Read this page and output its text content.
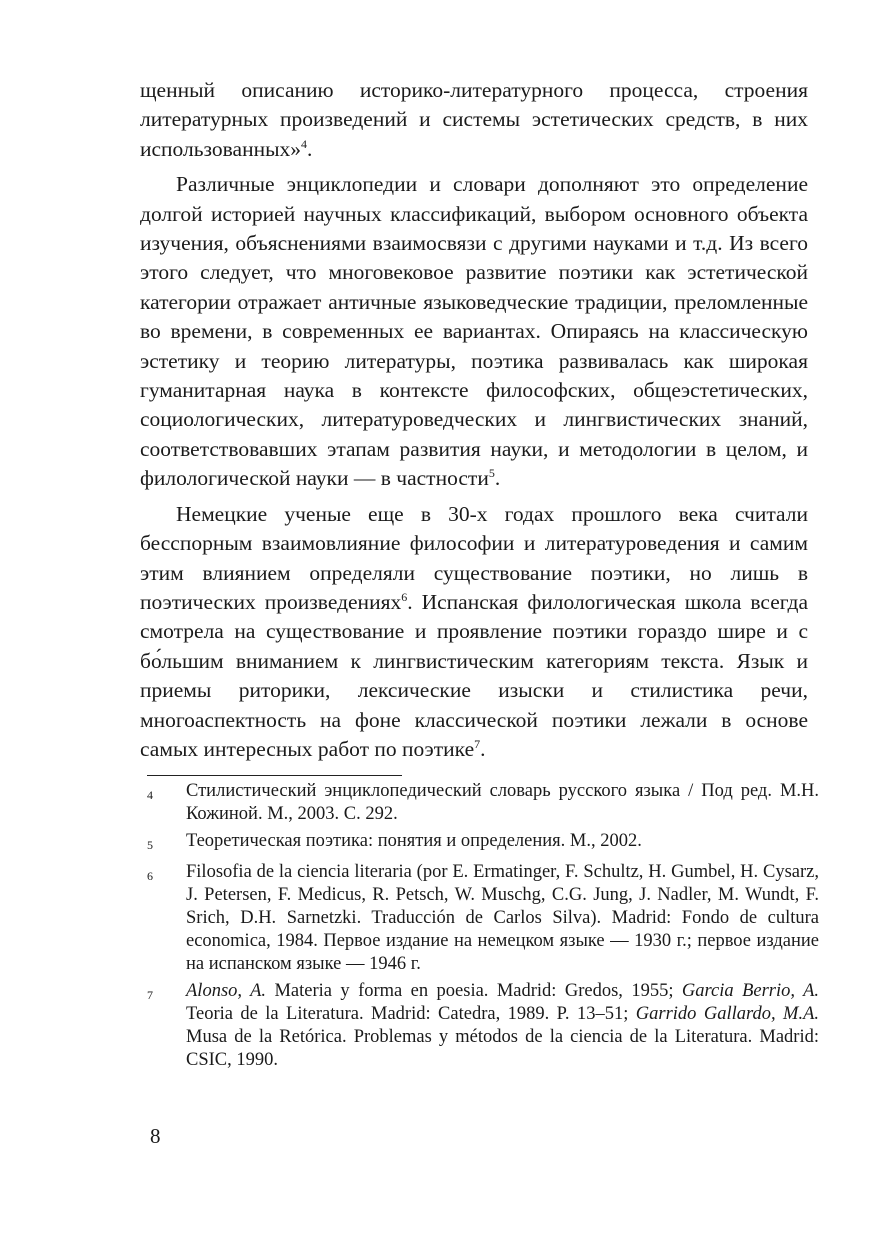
щенный описанию историко-литературного процесса, строения литературных произведений и системы эстетических средств, в них использованных»$^4$.

Различные энциклопедии и словари дополняют это определение долгой историей научных классификаций, выбором основного объекта изучения, объяснениями взаимосвязи с другими науками и т.д. Из всего этого следует, что многовековое развитие поэтики как эстетической категории отражает античные языковедческие традиции, преломленные во времени, в современных ее вариантах. Опираясь на классическую эстетику и теорию литературы, поэтика развивалась как широкая гуманитарная наука в контексте философских, общеэстетических, социологических, литературоведческих и лингвистических знаний, соответствовавших этапам развития науки, и методологии в целом, и филологической науки — в частности$^5$.

Немецкие ученые еще в 30-х годах прошлого века считали бесспорным взаимовлияние философии и литературоведения и самим этим влиянием определяли существование поэтики, но лишь в поэтических произведениях$^6$. Испанская филологическая школа всегда смотрела на существование и проявление поэтики гораздо шире и с бо́льшим вниманием к лингвистическим категориям текста. Язык и приемы риторики, лексические изыски и стилистика речи, многоаспектность на фоне классической поэтики лежали в основе самых интересных работ по поэтике$^7$.

4	Стилистический энциклопедический словарь русского языка / Под ред. М.Н. Кожиной. М., 2003. С. 292.
5	Теоретическая поэтика: понятия и определения. М., 2002.
6	Filosofia de la ciencia literaria (por E. Ermatinger, F. Schultz, H. Gumbel, H. Cysarz, J. Petersen, F. Medicus, R. Petsch, W. Muschg, C.G. Jung, J. Nadler, M. Wundt, F. Srich, D.H. Sarnetzki. Traducción de Carlos Silva). Madrid: Fondo de cultura economica, 1984. Первое издание на немецком языке — 1930 г.; первое издание на испанском языке — 1946 г.
7	Alonso, A. Materia y forma en poesia. Madrid: Gredos, 1955; Garcia Berrio, A. Teoria de la Literatura. Madrid: Catedra, 1989. P. 13–51; Garrido Gallardo, M.A. Musa de la Retórica. Problemas y métodos de la ciencia de la Literatura. Madrid: CSIC, 1990.
8
